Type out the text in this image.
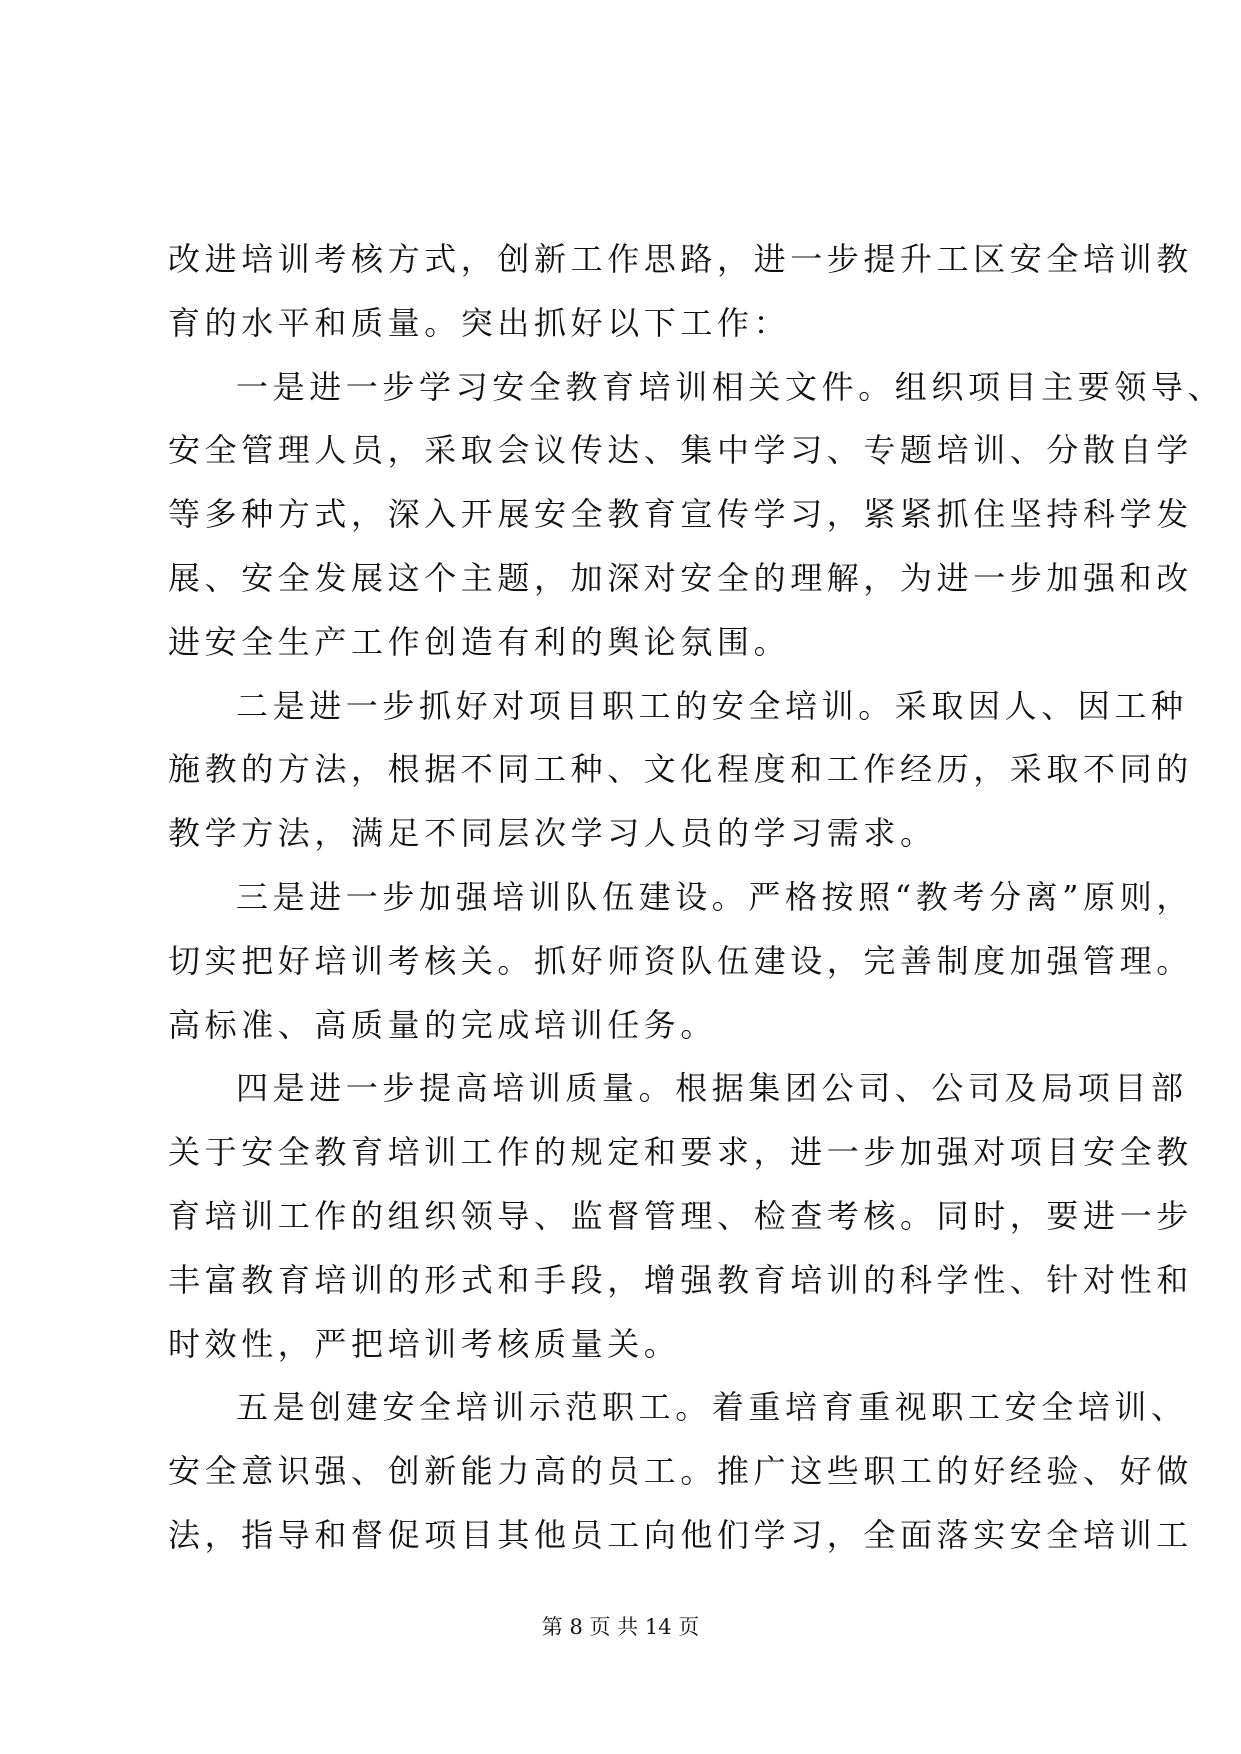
改进培训考核方式，创新工作思路，进一步提升工区安全培训教
育的水平和质量。突出抓好以下工作：
一是进一步学习安全教育培训相关文件。组织项目主要领导、
安全管理人员，采取会议传达、集中学习、专题培训、分散自学
等多种方式，深入开展安全教育宣传学习，紧紧抓住坚持科学发
展、安全发展这个主题，加深对安全的理解，为进一步加强和改
进安全生产工作创造有利的舆论氛围。
二是进一步抓好对项目职工的安全培训。采取因人、因工种
施教的方法，根据不同工种、文化程度和工作经历，采取不同的
教学方法，满足不同层次学习人员的学习需求。
三是进一步加强培训队伍建设。严格按照“教考分离”原则，
切实把好培训考核关。抓好师资队伍建设，完善制度加强管理。
高标准、高质量的完成培训任务。
四是进一步提高培训质量。根据集团公司、公司及局项目部
关于安全教育培训工作的规定和要求，进一步加强对项目安全教
育培训工作的组织领导、监督管理、检查考核。同时，要进一步
丰富教育培训的形式和手段，增强教育培训的科学性、针对性和
时效性，严把培训考核质量关。
五是创建安全培训示范职工。着重培育重视职工安全培训、
安全意识强、创新能力高的员工。推广这些职工的好经验、好做
法，指导和督促项目其他员工向他们学习，全面落实安全培训工
第 8 页 共 14 页
